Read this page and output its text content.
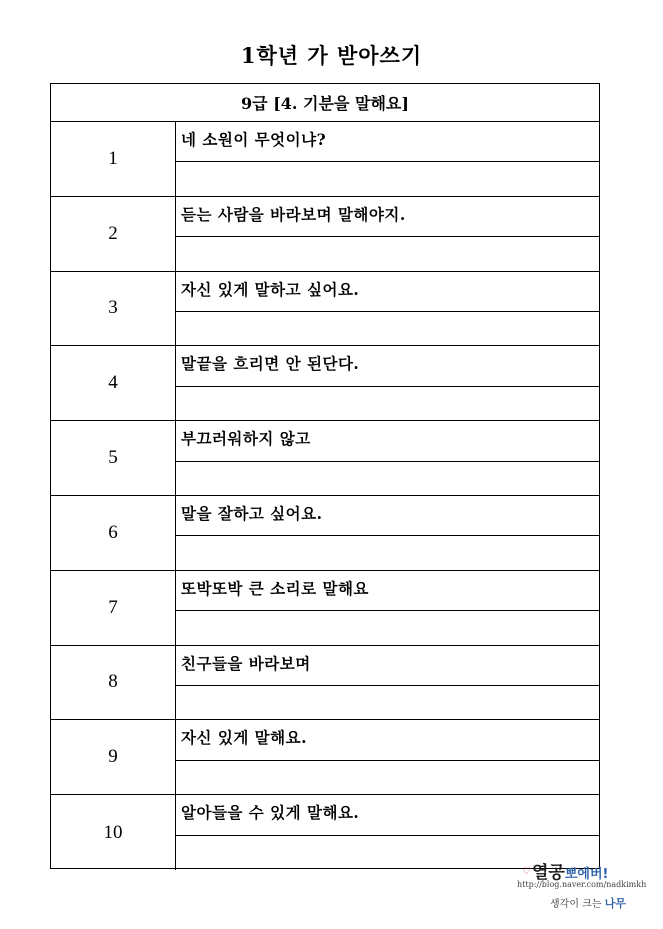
1학년 가 받아쓰기
9급 [4. 기분을 말해요]
1
네 소원이 무엇이냐?
2
듣는 사람을 바라보며 말해야지.
3
자신 있게 말하고 싶어요.
4
말끝을 흐리면 안 된단다.
5
부끄러워하지 않고
6
말을 잘하고 싶어요.
7
또박또박 큰 소리로 말해요
8
친구들을 바라보며
9
자신 있게 말해요.
10
알아들을 수 있게 말해요.
♡ 열공뽀에버!
http://blog.naver.com/nadkimkh
생각이 크는 나무
